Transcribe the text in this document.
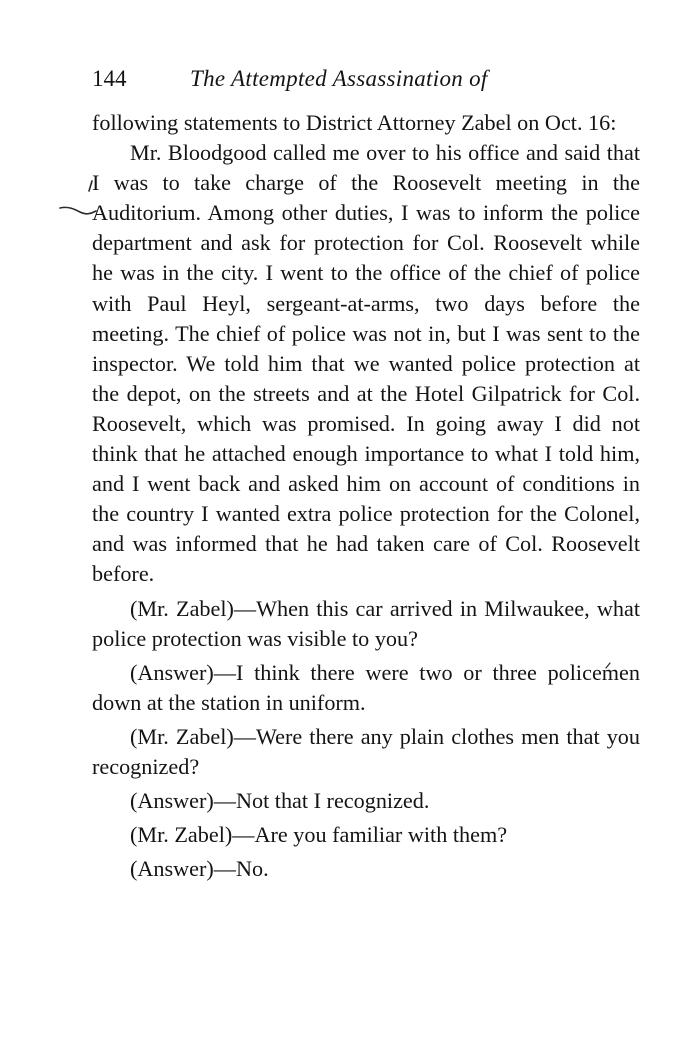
144	The Attempted Assassination of

following statements to District Attorney Zabel on Oct. 16:

Mr. Bloodgood called me over to his office and said that I was to take charge of the Roosevelt meeting in the Auditorium. Among other duties, I was to inform the police department and ask for protection for Col. Roosevelt while he was in the city. I went to the office of the chief of police with Paul Heyl, sergeant-at-arms, two days before the meeting. The chief of police was not in, but I was sent to the inspector. We told him that we wanted police protection at the depot, on the streets and at the Hotel Gilpatrick for Col. Roosevelt, which was promised. In going away I did not think that he attached enough importance to what I told him, and I went back and asked him on account of conditions in the country I wanted extra police protection for the Colonel, and was informed that he had taken care of Col. Roosevelt before.

(Mr. Zabel)—When this car arrived in Milwaukee, what police protection was visible to you?

(Answer)—I think there were two or three policemen down at the station in uniform.

(Mr. Zabel)—Were there any plain clothes men that you recognized?

(Answer)—Not that I recognized.

(Mr. Zabel)—Are you familiar with them?

(Answer)—No.
